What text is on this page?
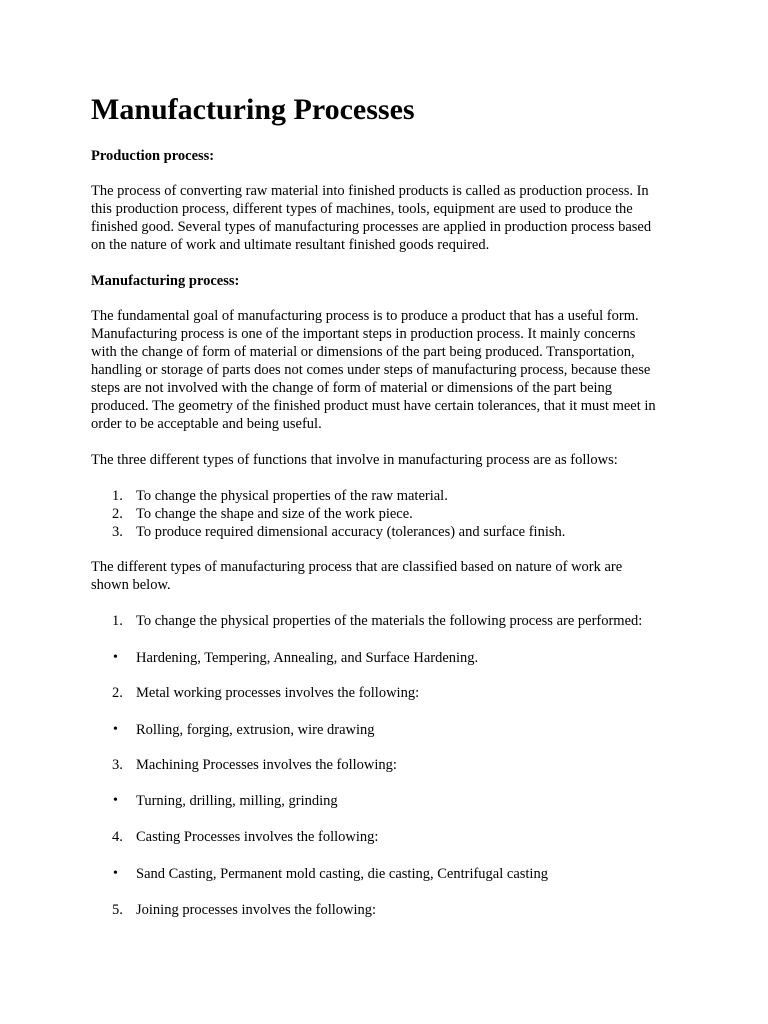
Manufacturing Processes

Production process:

The process of converting raw material into finished products is called as production process. In
this production process, different types of machines, tools, equipment are used to produce the
finished good. Several types of manufacturing processes are applied in production process based
on the nature of work and ultimate resultant finished goods required.

Manufacturing process:

The fundamental goal of manufacturing process is to produce a product that has a useful form.
Manufacturing process is one of the important steps in production process. It mainly concerns
with the change of form of material or dimensions of the part being produced. Transportation,
handling or storage of parts does not comes under steps of manufacturing process, because these
steps are not involved with the change of form of material or dimensions of the part being
produced. The geometry of the finished product must have certain tolerances, that it must meet in
order to be acceptable and being useful.

The three different types of functions that involve in manufacturing process are as follows:

1. To change the physical properties of the raw material.
2. To change the shape and size of the work piece.
3. To produce required dimensional accuracy (tolerances) and surface finish.

The different types of manufacturing process that are classified based on nature of work are
shown below.

1. To change the physical properties of the materials the following process are performed:
•	Hardening, Tempering, Annealing, and Surface Hardening.
2. Metal working processes involves the following:
•	Rolling, forging, extrusion, wire drawing
3. Machining Processes involves the following:
•	Turning, drilling, milling, grinding
4. Casting Processes involves the following:
•	Sand Casting, Permanent mold casting, die casting, Centrifugal casting
5. Joining processes involves the following:
